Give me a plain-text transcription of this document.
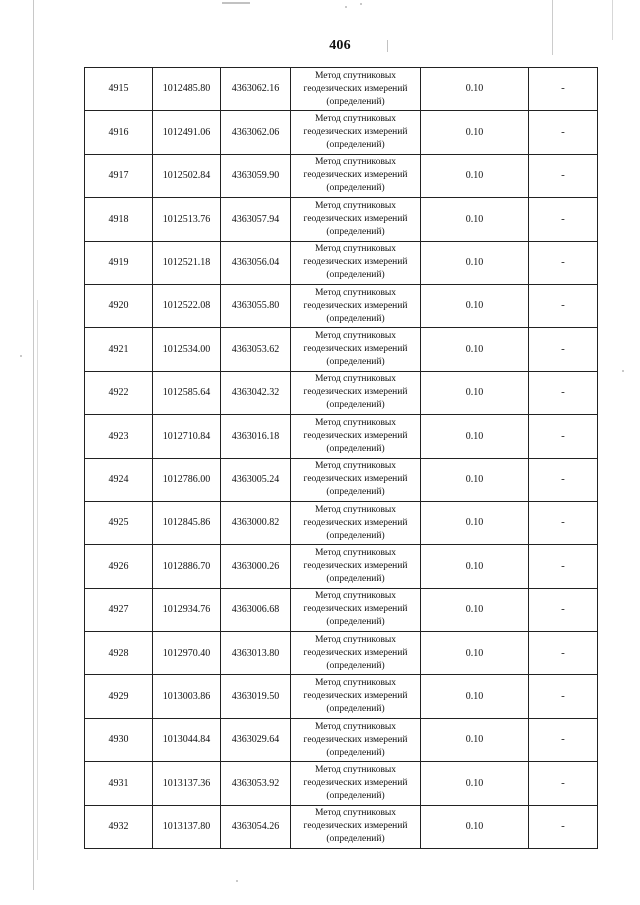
406
4915	1012485.80	4363062.16	Метод спутниковых геодезических измерений (определений)	0.10	-
4916	1012491.06	4363062.06	Метод спутниковых геодезических измерений (определений)	0.10	-
4917	1012502.84	4363059.90	Метод спутниковых геодезических измерений (определений)	0.10	-
4918	1012513.76	4363057.94	Метод спутниковых геодезических измерений (определений)	0.10	-
4919	1012521.18	4363056.04	Метод спутниковых геодезических измерений (определений)	0.10	-
4920	1012522.08	4363055.80	Метод спутниковых геодезических измерений (определений)	0.10	-
4921	1012534.00	4363053.62	Метод спутниковых геодезических измерений (определений)	0.10	-
4922	1012585.64	4363042.32	Метод спутниковых геодезических измерений (определений)	0.10	-
4923	1012710.84	4363016.18	Метод спутниковых геодезических измерений (определений)	0.10	-
4924	1012786.00	4363005.24	Метод спутниковых геодезических измерений (определений)	0.10	-
4925	1012845.86	4363000.82	Метод спутниковых геодезических измерений (определений)	0.10	-
4926	1012886.70	4363000.26	Метод спутниковых геодезических измерений (определений)	0.10	-
4927	1012934.76	4363006.68	Метод спутниковых геодезических измерений (определений)	0.10	-
4928	1012970.40	4363013.80	Метод спутниковых геодезических измерений (определений)	0.10	-
4929	1013003.86	4363019.50	Метод спутниковых геодезических измерений (определений)	0.10	-
4930	1013044.84	4363029.64	Метод спутниковых геодезических измерений (определений)	0.10	-
4931	1013137.36	4363053.92	Метод спутниковых геодезических измерений (определений)	0.10	-
4932	1013137.80	4363054.26	Метод спутниковых геодезических измерений (определений)	0.10	-
